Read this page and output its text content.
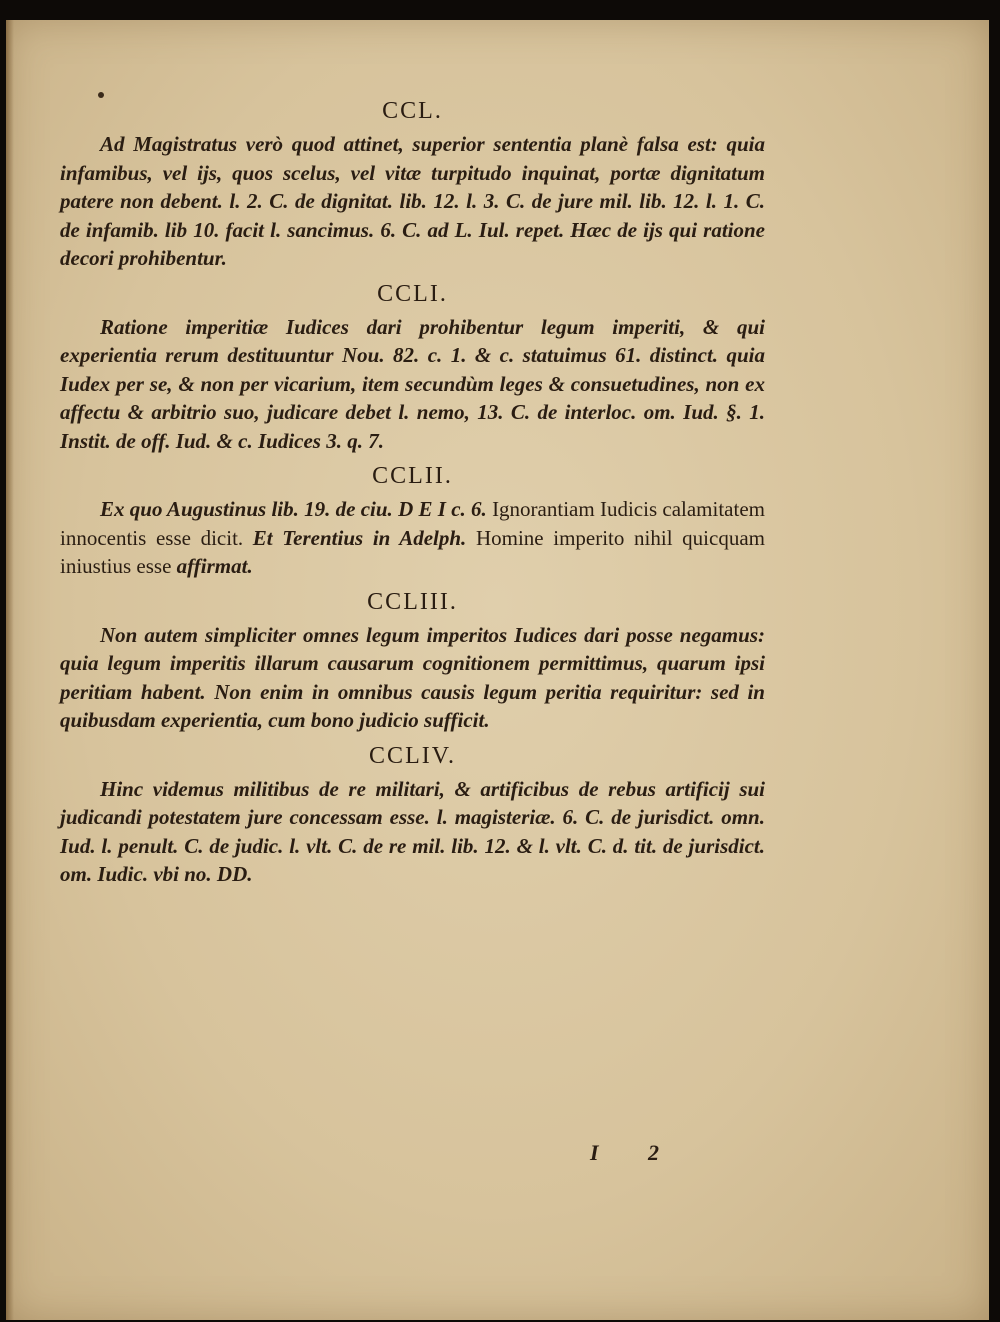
CCL.

Ad Magistratus verò quod attinet, superior sententia planè falsa est: quia infamibus, vel ijs, quos scelus, vel vitæ turpitudo inquinat, portæ dignitatum patere non debent. l. 2. C. de dignitat. lib. 12. l. 3. C. de jure mil. lib. 12. l. 1. C. de infamib. lib 10. facit l. sancimus. 6. C. ad L. Iul. repet. Hæc de ijs qui ratione decori prohibentur.

CCLI.

Ratione imperitiæ Iudices dari prohibentur legum imperiti, & qui experientia rerum destituuntur Nou. 82. c. 1. & c. statuimus 61. distinct. quia Iudex per se, & non per vicarium, item secundùm leges & consuetudines, non ex affectu & arbitrio suo, judicare debet l. nemo, 13. C. de interloc. om. Iud. §. 1. Instit. de off. Iud. & c. Iudices 3. q. 7.

CCLII.

Ex quo Augustinus lib. 19. de ciu. D E I c. 6. Ignorantiam Iudicis calamitatem innocentis esse dicit. Et Terentius in Adelph. Homine imperito nihil quicquam iniustius esse affirmat.

CCLIII.

Non autem simpliciter omnes legum imperitos Iudices dari posse negamus: quia legum imperitis illarum causarum cognitionem permittimus, quarum ipsi peritiam habent. Non enim in omnibus causis legum peritia requiritur: sed in quibusdam experientia, cum bono judicio sufficit.

CCLIV.

Hinc videmus militibus de re militari, & artificibus de rebus artificij sui judicandi potestatem jure concessam esse. l. magisteriæ. 6. C. de jurisdict. omn. Iud. l. penult. C. de judic. l. vlt. C. de re mil. lib. 12. & l. vlt. C. d. tit. de jurisdict. om. Iudic. vbi no. DD.

I 2
